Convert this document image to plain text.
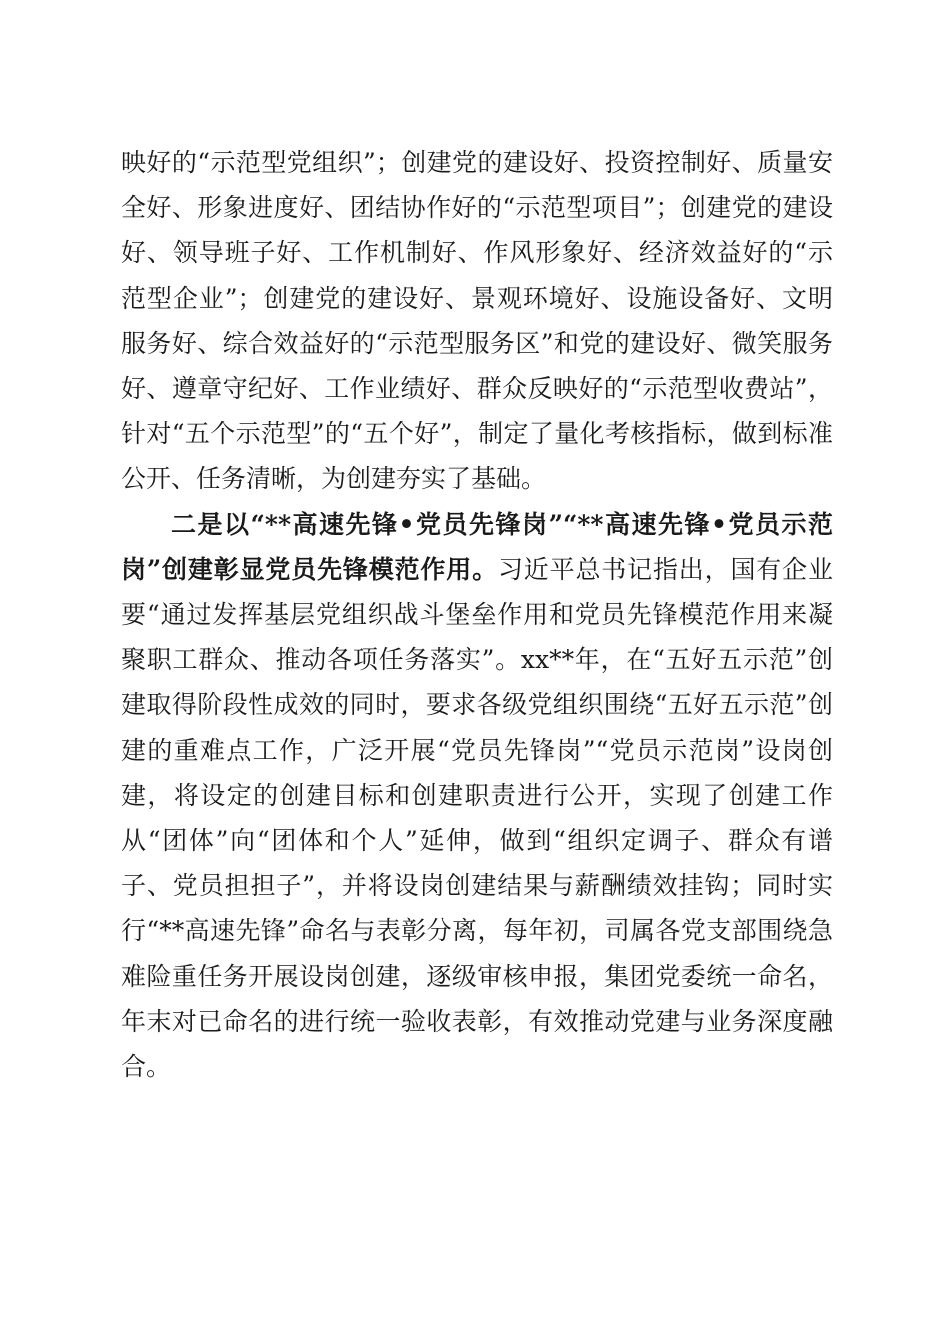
映好的“示范型党组织”；创建党的建设好、投资控制好、质量安全好、形象进度好、团结协作好的“示范型项目”；创建党的建设好、领导班子好、工作机制好、作风形象好、经济效益好的“示范型企业”；创建党的建设好、景观环境好、设施设备好、文明服务好、综合效益好的“示范型服务区”和党的建设好、微笑服务好、遵章守纪好、工作业绩好、群众反映好的“示范型收费站”，针对“五个示范型”的“五个好”，制定了量化考核指标，做到标准公开、任务清晰，为创建夯实了基础。

二是以“**高速先锋•党员先锋岗”“**高速先锋•党员示范岗”创建彰显党员先锋模范作用。习近平总书记指出，国有企业要“通过发挥基层党组织战斗堡垒作用和党员先锋模范作用来凝聚职工群众、推动各项任务落实”。xx**年，在“五好五示范”创建取得阶段性成效的同时，要求各级党组织围绕“五好五示范”创建的重难点工作，广泛开展“党员先锋岗”“党员示范岗”设岗创建，将设定的创建目标和创建职责进行公开，实现了创建工作从“团体”向“团体和个人”延伸，做到“组织定调子、群众有谱子、党员担担子”，并将设岗创建结果与薪酬绩效挂钩；同时实行“**高速先锋”命名与表彰分离，每年初，司属各党支部围绕急难险重任务开展设岗创建，逐级审核申报，集团党委统一命名，年末对已命名的进行统一验收表彰，有效推动党建与业务深度融合。
